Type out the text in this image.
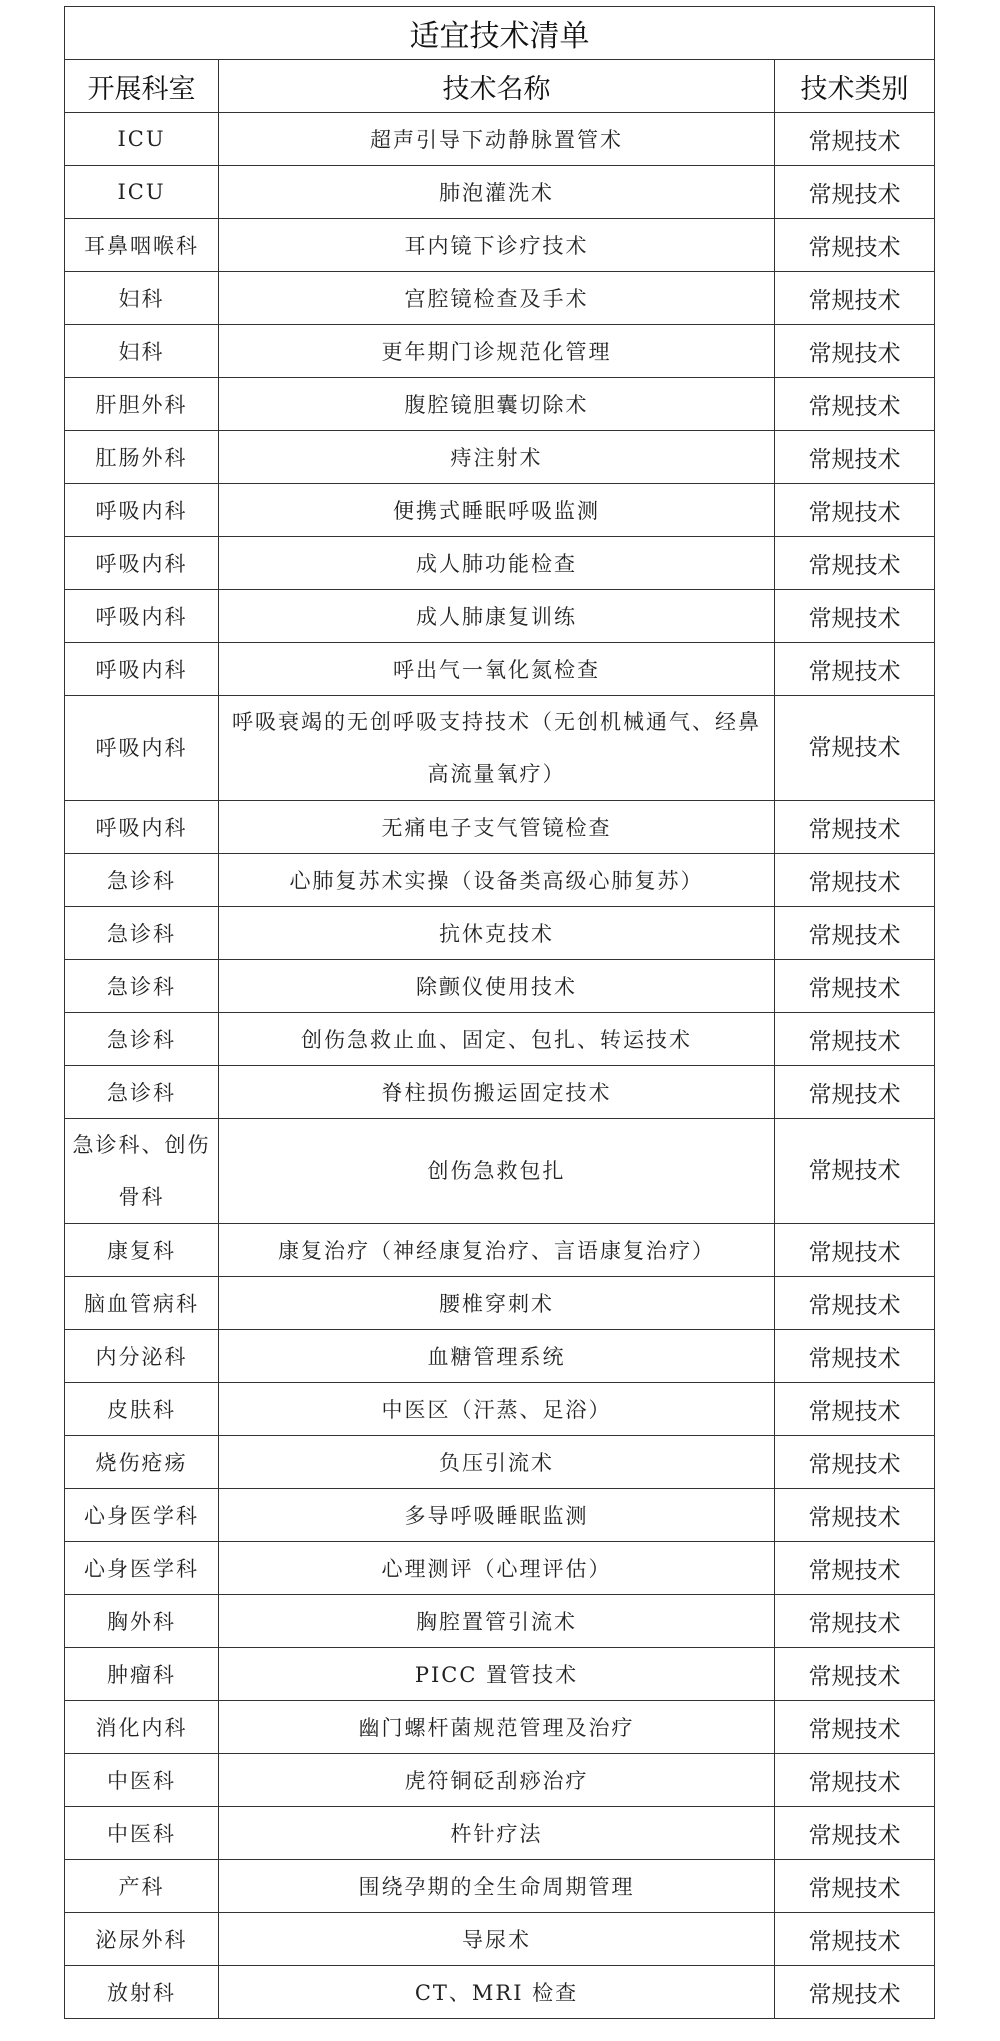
适宜技术清单		
开展科室	技术名称	技术类别
ICU	超声引导下动静脉置管术	常规技术
ICU	肺泡灌洗术	常规技术
耳鼻咽喉科	耳内镜下诊疗技术	常规技术
妇科	宫腔镜检查及手术	常规技术
妇科	更年期门诊规范化管理	常规技术
肝胆外科	腹腔镜胆囊切除术	常规技术
肛肠外科	痔注射术	常规技术
呼吸内科	便携式睡眠呼吸监测	常规技术
呼吸内科	成人肺功能检查	常规技术
呼吸内科	成人肺康复训练	常规技术
呼吸内科	呼出气一氧化氮检查	常规技术
呼吸内科	呼吸衰竭的无创呼吸支持技术（无创机械通气、经鼻高流量氧疗）	常规技术
呼吸内科	无痛电子支气管镜检查	常规技术
急诊科	心肺复苏术实操（设备类高级心肺复苏）	常规技术
急诊科	抗休克技术	常规技术
急诊科	除颤仪使用技术	常规技术
急诊科	创伤急救止血、固定、包扎、转运技术	常规技术
急诊科	脊柱损伤搬运固定技术	常规技术
急诊科、创伤骨科	创伤急救包扎	常规技术
康复科	康复治疗（神经康复治疗、言语康复治疗）	常规技术
脑血管病科	腰椎穿刺术	常规技术
内分泌科	血糖管理系统	常规技术
皮肤科	中医区（汗蒸、足浴）	常规技术
烧伤疮疡	负压引流术	常规技术
心身医学科	多导呼吸睡眠监测	常规技术
心身医学科	心理测评（心理评估）	常规技术
胸外科	胸腔置管引流术	常规技术
肿瘤科	PICC 置管技术	常规技术
消化内科	幽门螺杆菌规范管理及治疗	常规技术
中医科	虎符铜砭刮痧治疗	常规技术
中医科	杵针疗法	常规技术
产科	围绕孕期的全生命周期管理	常规技术
泌尿外科	导尿术	常规技术
放射科	CT、MRI 检查	常规技术
